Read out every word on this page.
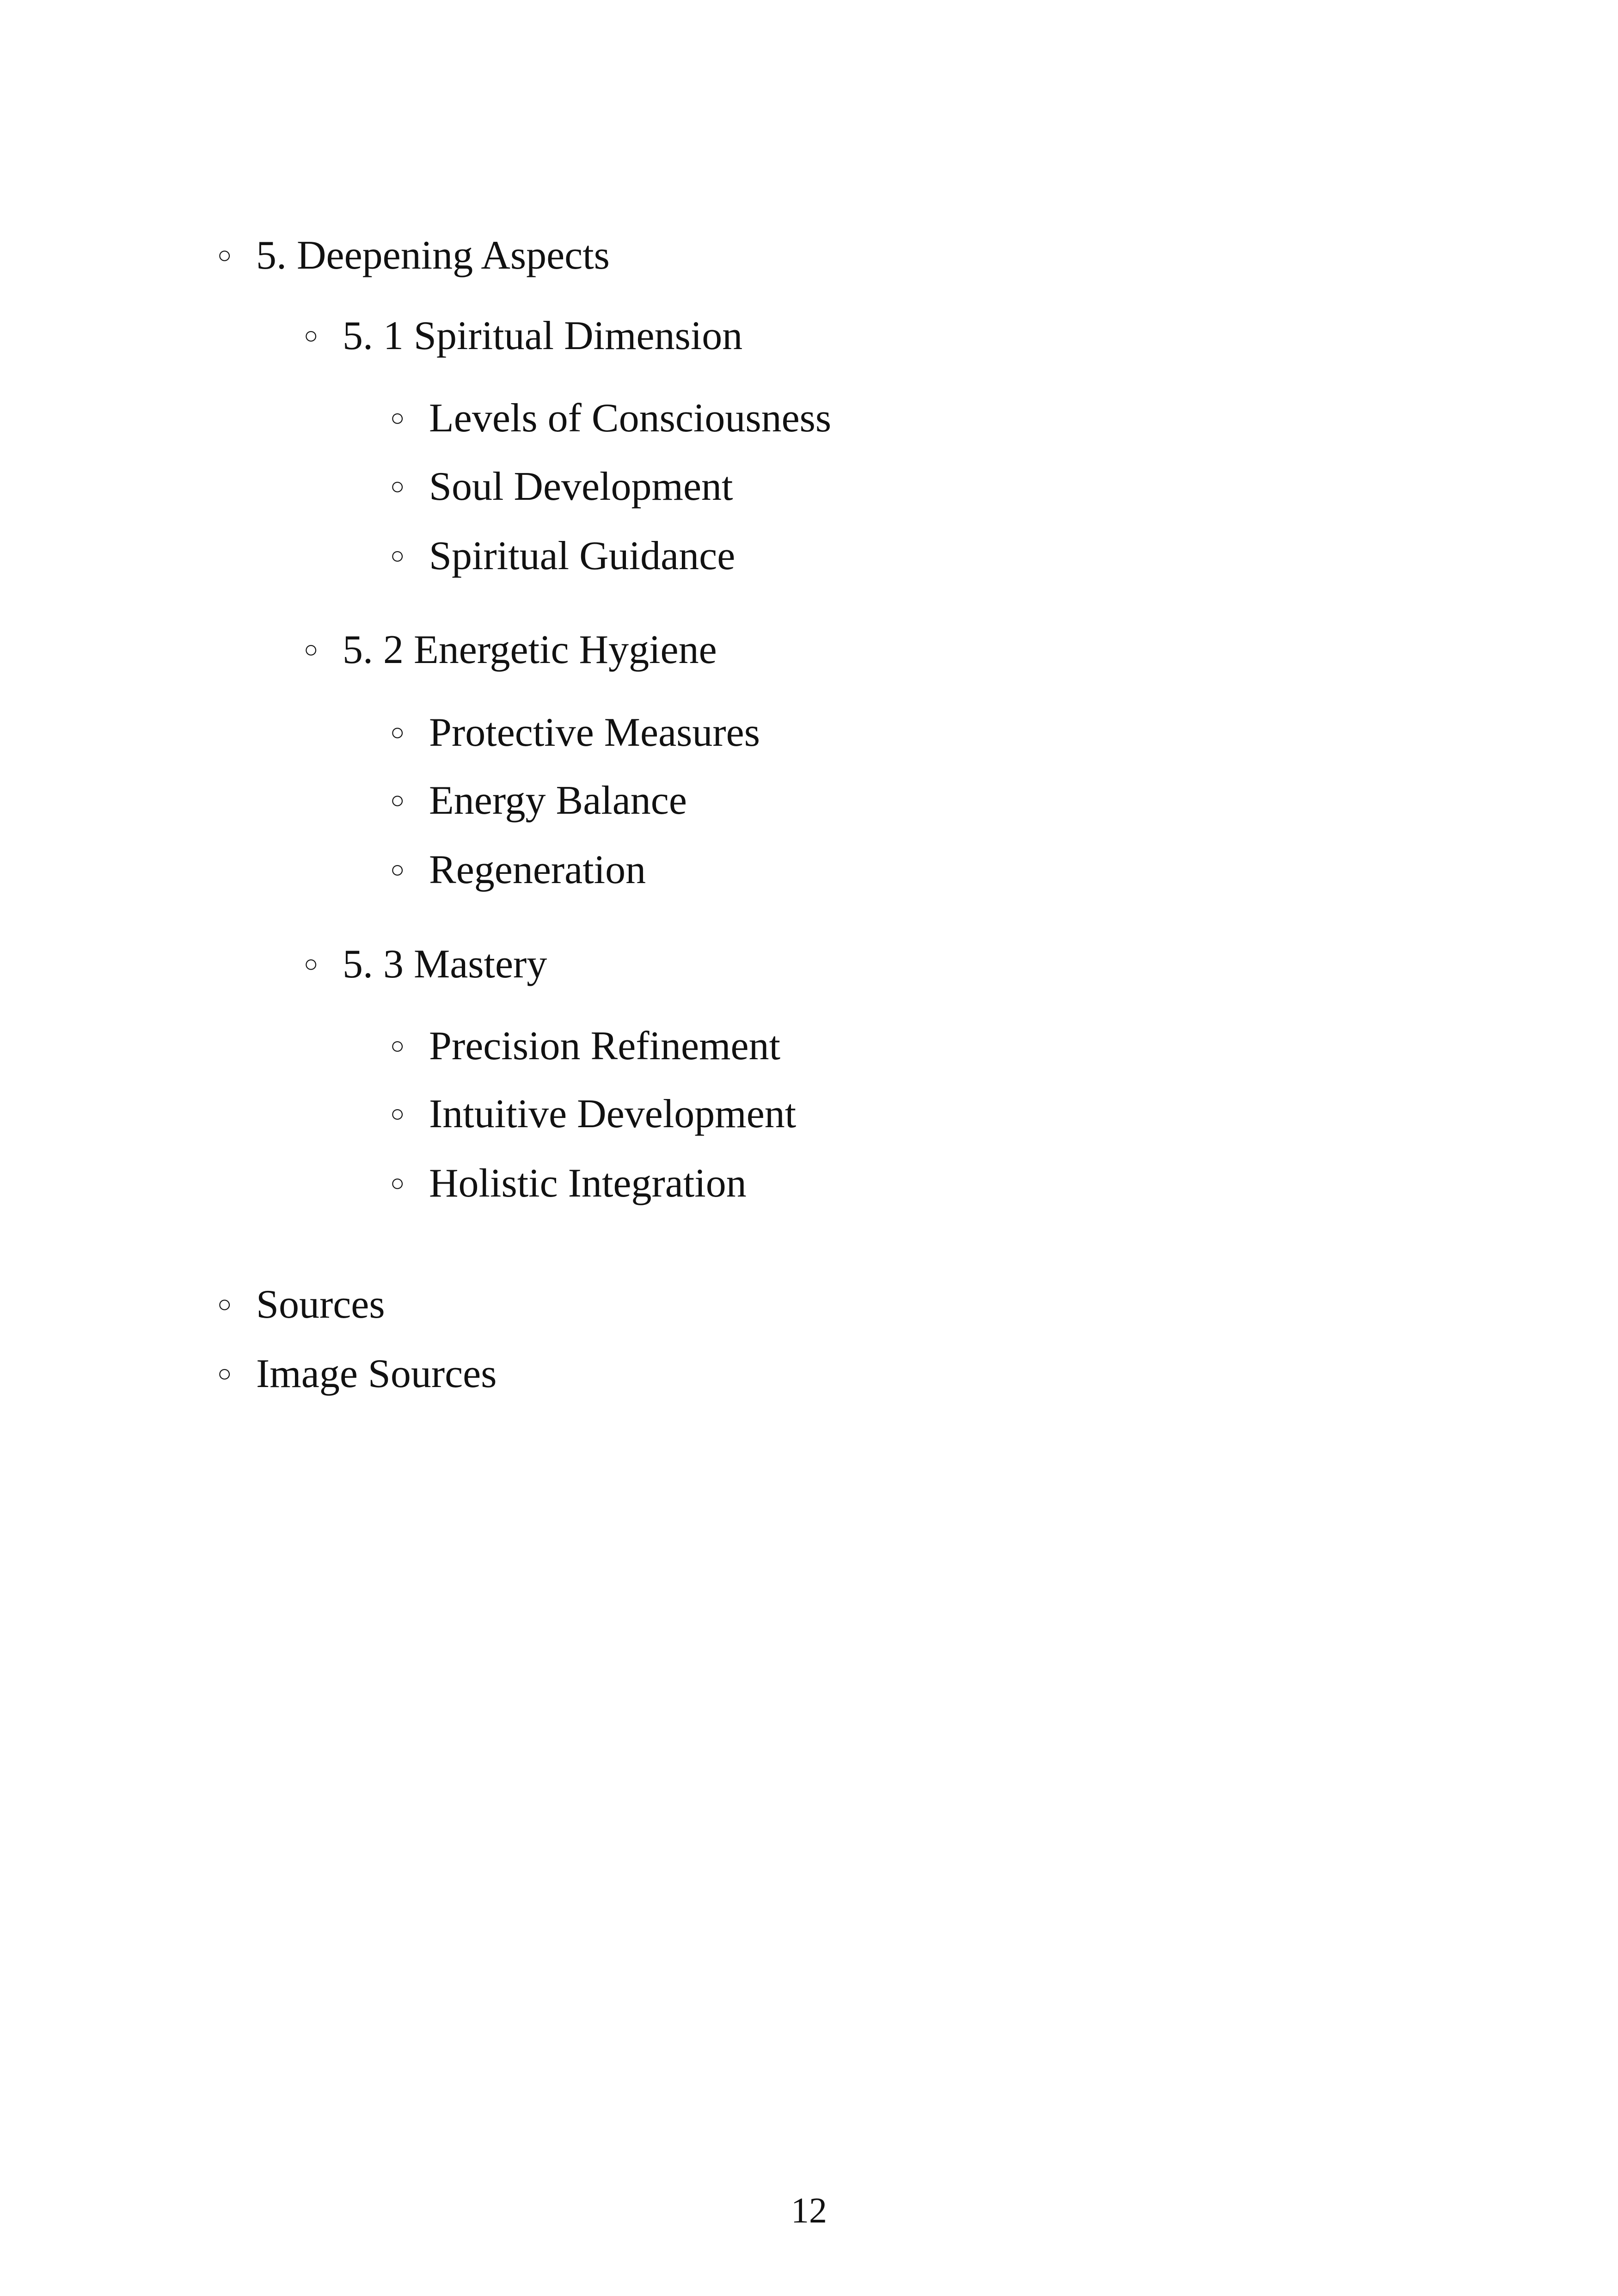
○ 5. Deepening Aspects
○ 5. 1 Spiritual Dimension
○ Levels of Consciousness
○ Soul Development
○ Spiritual Guidance
○ 5. 2 Energetic Hygiene
○ Protective Measures
○ Energy Balance
○ Regeneration
○ 5. 3 Mastery
○ Precision Refinement
○ Intuitive Development
○ Holistic Integration
○ Sources
○ Image Sources
12
